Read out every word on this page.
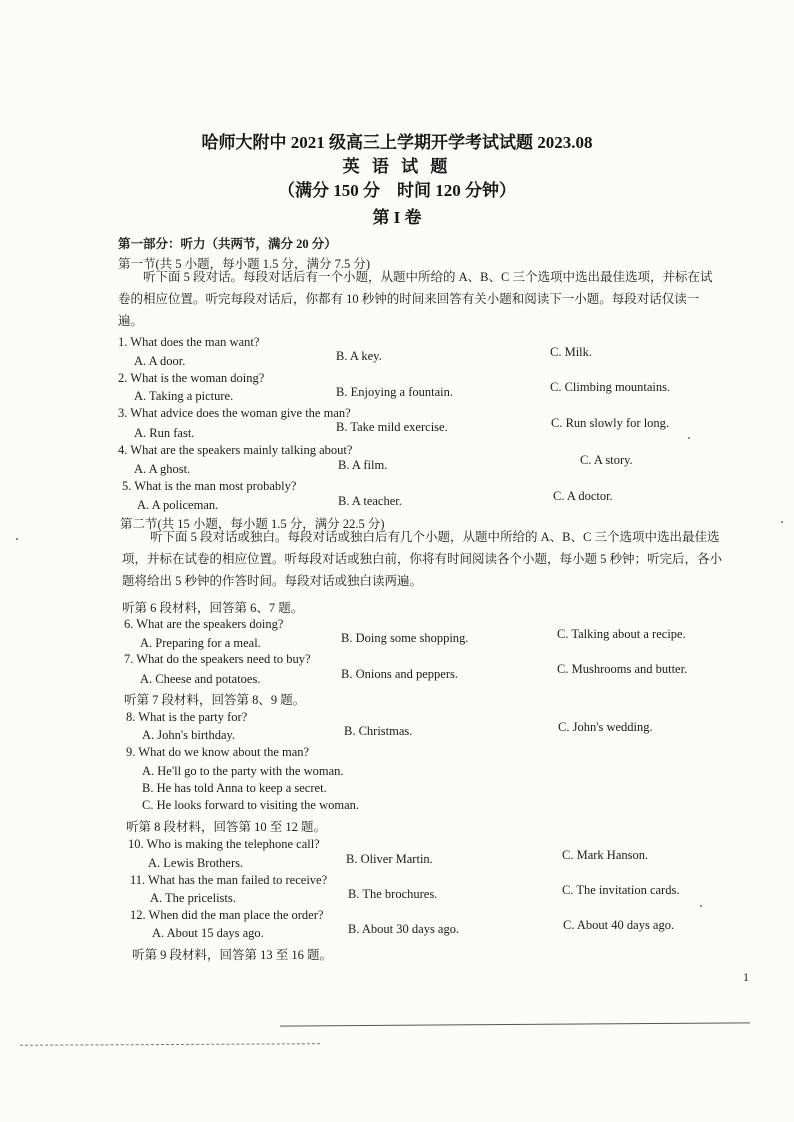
哈师大附中 2021 级高三上学期开学考试试题 2023.08
英 语 试 题
（满分 150 分　时间 120 分钟）
第 I 卷
第一部分：听力（共两节，满分 20 分）
第一节(共 5 小题，每小题 1.5 分，满分 7.5 分)
听下面 5 段对话。每段对话后有一个小题，从题中所给的 A、B、C 三个选项中选出最佳选项，并标在试卷的相应位置。听完每段对话后，你都有 10 秒钟的时间来回答有关小题和阅读下一小题。每段对话仅读一遍。
1. What does the man want?
A. A door.	B. A key.	C. Milk.
2. What is the woman doing?
A. Taking a picture.	B. Enjoying a fountain.	C. Climbing mountains.
3. What advice does the woman give the man?
A. Run fast.	B. Take mild exercise.	C. Run slowly for long.
4. What are the speakers mainly talking about?
A. A ghost.	B. A film.	C. A story.
5. What is the man most probably?
A. A policeman.	B. A teacher.	C. A doctor.
第二节(共 15 小题，每小题 1.5 分，满分 22.5 分)
听下面 5 段对话或独白。每段对话或独白后有几个小题，从题中所给的 A、B、C 三个选项中选出最佳选项，并标在试卷的相应位置。听每段对话或独白前，你将有时间阅读各个小题，每小题 5 秒钟；听完后，各小题将给出 5 秒钟的作答时间。每段对话或独白读两遍。
听第 6 段材料，回答第 6、7 题。
6. What are the speakers doing?
A. Preparing for a meal.	B. Doing some shopping.	C. Talking about a recipe.
7. What do the speakers need to buy?
A. Cheese and potatoes.	B. Onions and peppers.	C. Mushrooms and butter.
听第 7 段材料，回答第 8、9 题。
8. What is the party for?
A. John's birthday.	B. Christmas.	C. John's wedding.
9. What do we know about the man?
A. He'll go to the party with the woman.
B. He has told Anna to keep a secret.
C. He looks forward to visiting the woman.
听第 8 段材料，回答第 10 至 12 题。
10. Who is making the telephone call?
A. Lewis Brothers.	B. Oliver Martin.	C. Mark Hanson.
11. What has the man failed to receive?
A. The pricelists.	B. The brochures.	C. The invitation cards.
12. When did the man place the order?
A. About 15 days ago.	B. About 30 days ago.	C. About 40 days ago.
听第 9 段材料，回答第 13 至 16 题。
1
